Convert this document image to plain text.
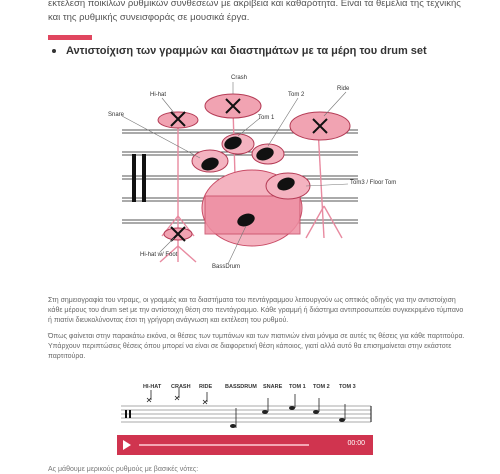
εκτέλεση ποικίλων ρυθμικών συνθέσεων με ακρίβεια και καθαρότητα. Είναι τα θεμέλια της τεχνικής και της ρυθμικής συνεισφοράς σε μουσικά έργα.

Αντιστοίχιση των γραμμών και διαστημάτων με τα μέρη του drum set
Crash
Hi-hat	Tom 2
Ride
Snare	Tom 1
Tom3 / Floor Tom
Hi-hat w/ Foot
BassDrum

Στη σημειογραφία του ντραμς, οι γραμμές και τα διαστήματα του πεντάγραμμου λειτουργούν ως οπτικός οδηγός για την αντιστοίχιση κάθε μέρους του drum set με την αντίστοιχη θέση στο πεντάγραμμο. Κάθε γραμμή ή διάστημα αντιπροσωπεύει συγκεκριμένο τύμπανο ή πιατίνι διευκολύνοντας έτσι τη γρήγορη ανάγνωση και εκτέλεση του ρυθμού.

Όπως φαίνεται στην παρακάτω εικόνα, οι θέσεις των τυμπάνων και των πιατινιών είναι μόνιμα σε αυτές τις θέσεις για κάθε παρτιτούρα. Υπάρχουν περιπτώσεις θέσεις όπου μπορεί να είναι σε διαφορετική θέση κάποιος, γιατί αλλά αυτό θα επισημαίνεται στην εκάστοτε παρτιτούρα.

HI-HAT CRASH RIDE BASSDRUM SNARE TOM 1 TOM 2 TOM 3
00:00
Ας μάθουμε μερικούς ρυθμούς με βασικές νότες:
